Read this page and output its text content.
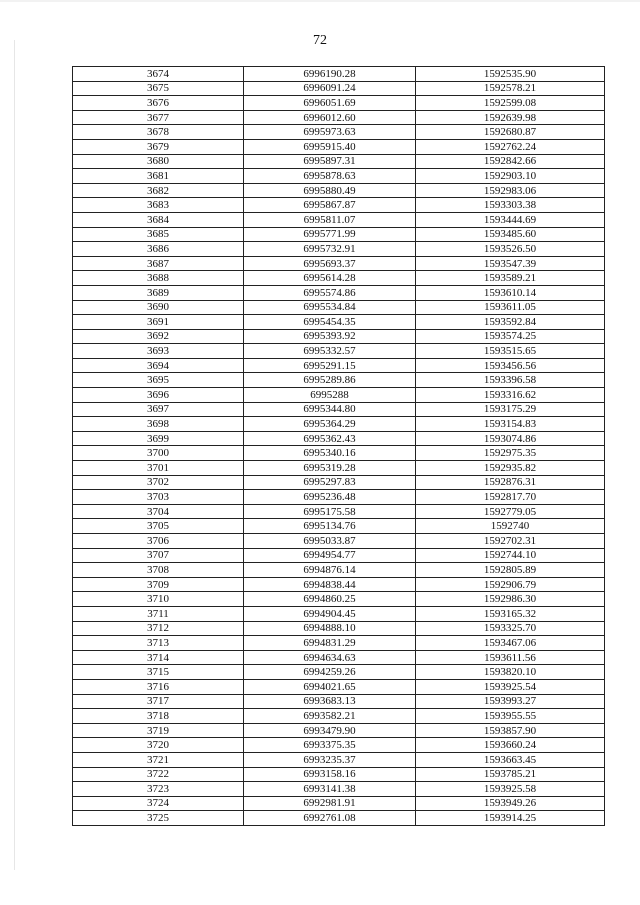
72
3674	6996190.28	1592535.90
3675	6996091.24	1592578.21
3676	6996051.69	1592599.08
3677	6996012.60	1592639.98
3678	6995973.63	1592680.87
3679	6995915.40	1592762.24
3680	6995897.31	1592842.66
3681	6995878.63	1592903.10
3682	6995880.49	1592983.06
3683	6995867.87	1593303.38
3684	6995811.07	1593444.69
3685	6995771.99	1593485.60
3686	6995732.91	1593526.50
3687	6995693.37	1593547.39
3688	6995614.28	1593589.21
3689	6995574.86	1593610.14
3690	6995534.84	1593611.05
3691	6995454.35	1593592.84
3692	6995393.92	1593574.25
3693	6995332.57	1593515.65
3694	6995291.15	1593456.56
3695	6995289.86	1593396.58
3696	6995288	1593316.62
3697	6995344.80	1593175.29
3698	6995364.29	1593154.83
3699	6995362.43	1593074.86
3700	6995340.16	1592975.35
3701	6995319.28	1592935.82
3702	6995297.83	1592876.31
3703	6995236.48	1592817.70
3704	6995175.58	1592779.05
3705	6995134.76	1592740
3706	6995033.87	1592702.31
3707	6994954.77	1592744.10
3708	6994876.14	1592805.89
3709	6994838.44	1592906.79
3710	6994860.25	1592986.30
3711	6994904.45	1593165.32
3712	6994888.10	1593325.70
3713	6994831.29	1593467.06
3714	6994634.63	1593611.56
3715	6994259.26	1593820.10
3716	6994021.65	1593925.54
3717	6993683.13	1593993.27
3718	6993582.21	1593955.55
3719	6993479.90	1593857.90
3720	6993375.35	1593660.24
3721	6993235.37	1593663.45
3722	6993158.16	1593785.21
3723	6993141.38	1593925.58
3724	6992981.91	1593949.26
3725	6992761.08	1593914.25
